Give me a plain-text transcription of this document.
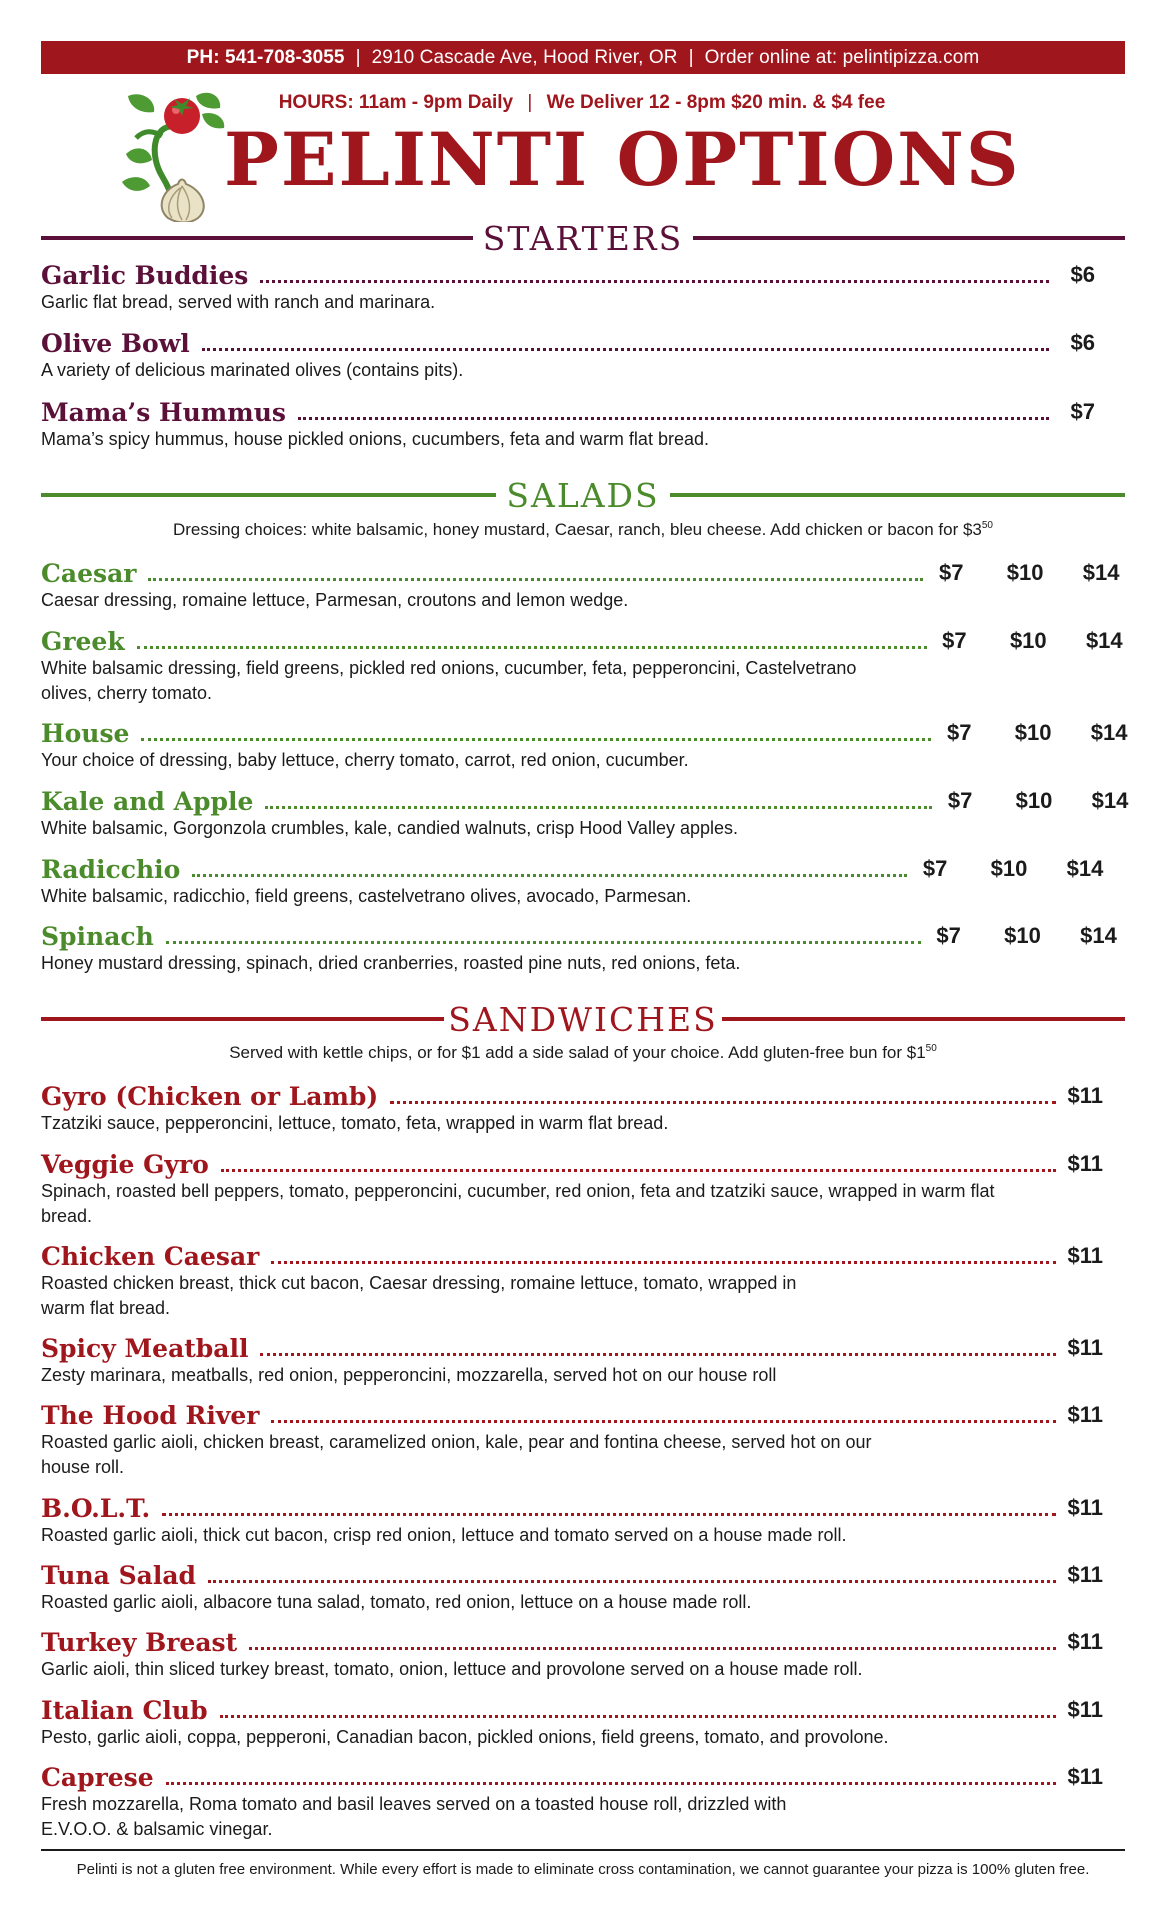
PH: 541-708-3055 | 2910 Cascade Ave, Hood River, OR | Order online at: pelintipizza.com
HOURS: 11am - 9pm Daily | We Deliver 12 - 8pm $20 min. & $4 fee
PELINTI OPTIONS
STARTERS
Garlic Buddies	$6
Garlic flat bread, served with ranch and marinara.
Olive Bowl	$6
A variety of delicious marinated olives (contains pits).
Mama’s Hummus	$7
Mama’s spicy hummus, house pickled onions, cucumbers, feta and warm flat bread.
SALADS
Dressing choices: white balsamic, honey mustard, Caesar, ranch, bleu cheese. Add chicken or bacon for $\$3^{50}$
Caesar	$7	$10	$14
Caesar dressing, romaine lettuce, Parmesan, croutons and lemon wedge.
Greek	$7	$10	$14
White balsamic dressing, field greens, pickled red onions, cucumber, feta, pepperoncini, Castelvetrano olives, cherry tomato.
House	$7	$10	$14
Your choice of dressing, baby lettuce, cherry tomato, carrot, red onion, cucumber.
Kale and Apple	$7	$10	$14
White balsamic, Gorgonzola crumbles, kale, candied walnuts, crisp Hood Valley apples.
Radicchio	$7	$10	$14
White balsamic, radicchio, field greens, castelvetrano olives, avocado, Parmesan.
Spinach	$7	$10	$14
Honey mustard dressing, spinach, dried cranberries, roasted pine nuts, red onions, feta.
SANDWICHES
Served with kettle chips, or for $1 add a side salad of your choice. Add gluten-free bun for $\$1^{50}$
Gyro (Chicken or Lamb)	$11
Tzatziki sauce, pepperoncini, lettuce, tomato, feta, wrapped in warm flat bread.
Veggie Gyro	$11
Spinach, roasted bell peppers, tomato, pepperoncini, cucumber, red onion, feta and tzatziki sauce, wrapped in warm flat bread.
Chicken Caesar	$11
Roasted chicken breast, thick cut bacon, Caesar dressing, romaine lettuce, tomato, wrapped in warm flat bread.
Spicy Meatball	$11
Zesty marinara, meatballs, red onion, pepperoncini, mozzarella, served hot on our house roll
The Hood River	$11
Roasted garlic aioli, chicken breast, caramelized onion, kale, pear and fontina cheese, served hot on our house roll.
B.O.L.T.	$11
Roasted garlic aioli, thick cut bacon, crisp red onion, lettuce and tomato served on a house made roll.
Tuna Salad	$11
Roasted garlic aioli, albacore tuna salad, tomato, red onion, lettuce on a house made roll.
Turkey Breast	$11
Garlic aioli, thin sliced turkey breast, tomato, onion, lettuce and provolone served on a house made roll.
Italian Club	$11
Pesto, garlic aioli, coppa, pepperoni, Canadian bacon, pickled onions, field greens, tomato, and provolone.
Caprese	$11
Fresh mozzarella, Roma tomato and basil leaves served on a toasted house roll, drizzled with E.V.O.O. & balsamic vinegar.
Pelinti is not a gluten free environment. While every effort is made to eliminate cross contamination, we cannot guarantee your pizza is 100% gluten free.
